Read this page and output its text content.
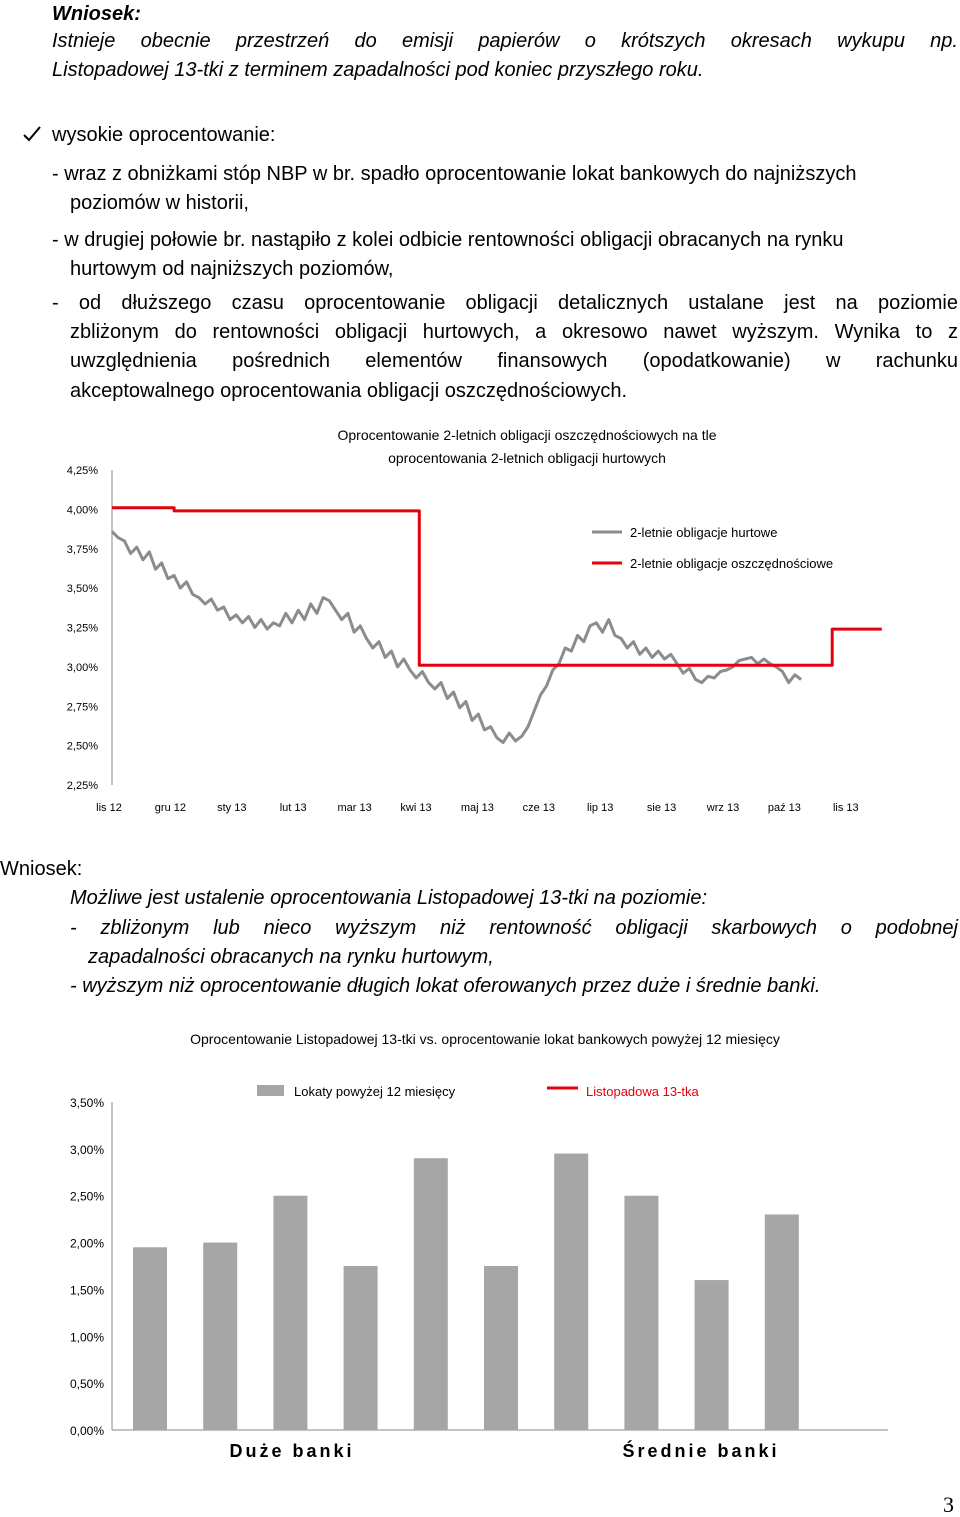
Wniosek:
Istnieje obecnie przestrzeń do emisji papierów o krótszych okresach wykupu np.
Listopadowej 13-tki z terminem zapadalności pod koniec przyszłego roku.
wysokie oprocentowanie:
- wraz z obniżkami stóp NBP w br. spadło oprocentowanie lokat bankowych do najniższych
poziomów w historii,
- w drugiej połowie br. nastąpiło z kolei odbicie rentowności obligacji obracanych na rynku
hurtowym od najniższych poziomów,
- od dłuższego czasu oprocentowanie obligacji detalicznych ustalane jest na poziomie
zbliżonym do rentowności obligacji hurtowych, a okresowo nawet wyższym. Wynika to z
uwzględnienia pośrednich elementów finansowych (opodatkowanie) w rachunku
akceptowalnego oprocentowania obligacji oszczędnościowych.
Oprocentowanie 2-letnich obligacji oszczędnościowych na tle
oprocentowania 2-letnich obligacji hurtowych
4,25%
4,00%
3,75%
3,50%
3,25%
3,00%
2,75%
2,50%
2,25%
lis 12	gru 12	sty 13	lut 13	mar 13	kwi 13	maj 13	cze 13	lip 13	sie 13	wrz 13	paź 13	lis 13
2-letnie obligacje hurtowe
2-letnie obligacje oszczędnościowe
Wniosek:
Możliwe jest ustalenie oprocentowania Listopadowej 13-tki na poziomie:
- zbliżonym lub nieco wyższym niż rentowność obligacji skarbowych o podobnej
zapadalności obracanych na rynku hurtowym,
- wyższym niż oprocentowanie długich lokat oferowanych przez duże i średnie banki.
Oprocentowanie Listopadowej 13-tki vs. oprocentowanie lokat bankowych powyżej 12 miesięcy
3,50%
3,00%
2,50%
2,00%
1,50%
1,00%
0,50%
0,00%
Duże banki	Średnie banki
Lokaty powyżej 12 miesięcy	Listopadowa 13-tka
3
